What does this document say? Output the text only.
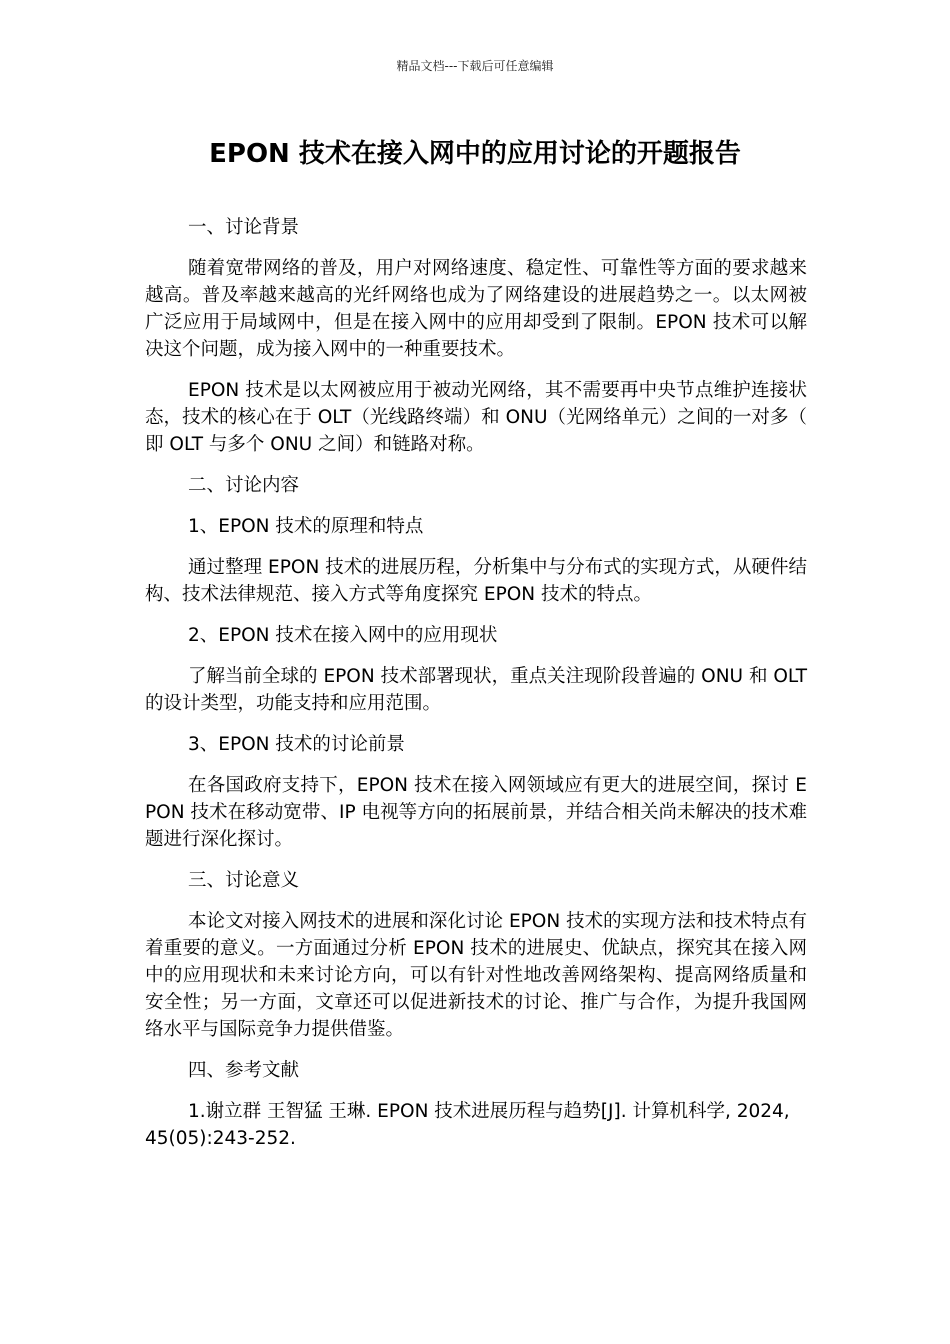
精品文档---下载后可任意编辑
EPON 技术在接入网中的应用讨论的开题报告

一、讨论背景

随着宽带网络的普及，用户对网络速度、稳定性、可靠性等方面的要求越来越高。普及率越来越高的光纤网络也成为了网络建设的进展趋势之一。以太网被广泛应用于局域网中，但是在接入网中的应用却受到了限制。EPON 技术可以解决这个问题，成为接入网中的一种重要技术。

EPON 技术是以太网被应用于被动光网络，其不需要再中央节点维护连接状态，技术的核心在于 OLT（光线路终端）和 ONU（光网络单元）之间的一对多（即 OLT 与多个 ONU 之间）和链路对称。

二、讨论内容

1、EPON 技术的原理和特点

通过整理 EPON 技术的进展历程，分析集中与分布式的实现方式，从硬件结构、技术法律规范、接入方式等角度探究 EPON 技术的特点。

2、EPON 技术在接入网中的应用现状

了解当前全球的 EPON 技术部署现状，重点关注现阶段普遍的 ONU 和 OLT 的设计类型，功能支持和应用范围。

3、EPON 技术的讨论前景

在各国政府支持下，EPON 技术在接入网领域应有更大的进展空间，探讨 EPON 技术在移动宽带、IP 电视等方向的拓展前景，并结合相关尚未解决的技术难题进行深化探讨。

三、讨论意义

本论文对接入网技术的进展和深化讨论 EPON 技术的实现方法和技术特点有着重要的意义。一方面通过分析 EPON 技术的进展史、优缺点，探究其在接入网中的应用现状和未来讨论方向，可以有针对性地改善网络架构、提高网络质量和安全性；另一方面，文章还可以促进新技术的讨论、推广与合作，为提升我国网络水平与国际竞争力提供借鉴。

四、参考文献

1.谢立群 王智猛 王琳. EPON 技术进展历程与趋势[J]. 计算机科学, 2024, 45(05):243-252.
